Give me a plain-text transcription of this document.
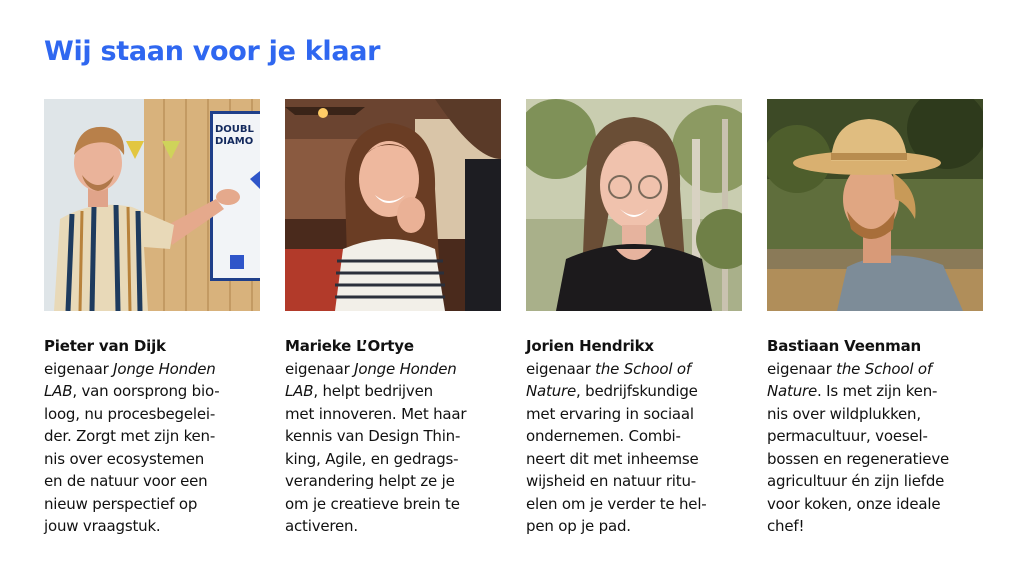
Wij staan voor je klaar
DOUBL
DIAMO
Pieter van Dijk

eigenaar Jonge Honden
LAB, van oorsprong bio-
loog, nu procesbegelei-
der. Zorgt met zijn ken-
nis over ecosystemen
en de natuur voor een
nieuw perspectief op
jouw vraagstuk.

Marieke L’Ortye

eigenaar Jonge Honden
LAB, helpt bedrijven
met innoveren. Met haar
kennis van Design Thin-
king, Agile, en gedrags-
verandering helpt ze je
om je creatieve brein te
activeren.

Jorien Hendrikx

eigenaar the School of
Nature, bedrijfskundige
met ervaring in sociaal
ondernemen. Combi-
neert dit met inheemse
wijsheid en natuur ritu-
elen om je verder te hel-
pen op je pad.

Bastiaan Veenman

eigenaar the School of
Nature. Is met zijn ken-
nis over wildplukken,
permacultuur, voesel-
bossen en regeneratieve
agricultuur én zijn liefde
voor koken, onze ideale
chef!
